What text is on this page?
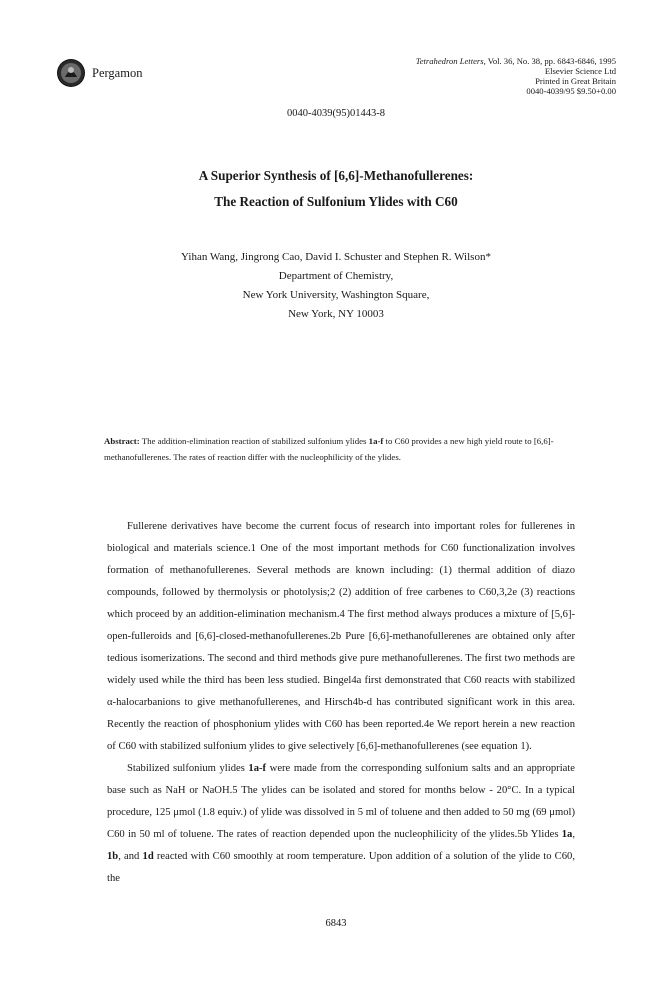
Pergamon
Tetrahedron Letters, Vol. 36, No. 38, pp. 6843-6846, 1995
Elsevier Science Ltd
Printed in Great Britain
0040-4039/95 $9.50+0.00
0040-4039(95)01443-8
A Superior Synthesis of [6,6]-Methanofullerenes:
The Reaction of Sulfonium Ylides with C60
Yihan Wang, Jingrong Cao, David I. Schuster and Stephen R. Wilson*
Department of Chemistry,
New York University, Washington Square,
New York, NY 10003
Abstract: The addition-elimination reaction of stabilized sulfonium ylides 1a-f to C60 provides a new high yield route to [6,6]-methanofullerenes. The rates of reaction differ with the nucleophilicity of the ylides.

Fullerene derivatives have become the current focus of research into important roles for fullerenes in biological and materials science.1 One of the most important methods for C60 functionalization involves formation of methanofullerenes. Several methods are known including: (1) thermal addition of diazo compounds, followed by thermolysis or photolysis;2 (2) addition of free carbenes to C60,3,2e (3) reactions which proceed by an addition-elimination mechanism.4 The first method always produces a mixture of [5,6]-open-fulleroids and [6,6]-closed-methanofullerenes.2b Pure [6,6]-methanofullerenes are obtained only after tedious isomerizations. The second and third methods give pure methanofullerenes. The first two methods are widely used while the third has been less studied. Bingel4a first demonstrated that C60 reacts with stabilized α-halocarbanions to give methanofullerenes, and Hirsch4b-d has contributed significant work in this area. Recently the reaction of phosphonium ylides with C60 has been reported.4e We report herein a new reaction of C60 with stabilized sulfonium ylides to give selectively [6,6]-methanofullerenes (see equation 1).

Stabilized sulfonium ylides 1a-f were made from the corresponding sulfonium salts and an appropriate base such as NaH or NaOH.5 The ylides can be isolated and stored for months below - 20°C. In a typical procedure, 125 μmol (1.8 equiv.) of ylide was dissolved in 5 ml of toluene and then added to 50 mg (69 μmol) C60 in 50 ml of toluene. The rates of reaction depended upon the nucleophilicity of the ylides.5b Ylides 1a, 1b, and 1d reacted with C60 smoothly at room temperature. Upon addition of a solution of the ylide to C60, the

6843
